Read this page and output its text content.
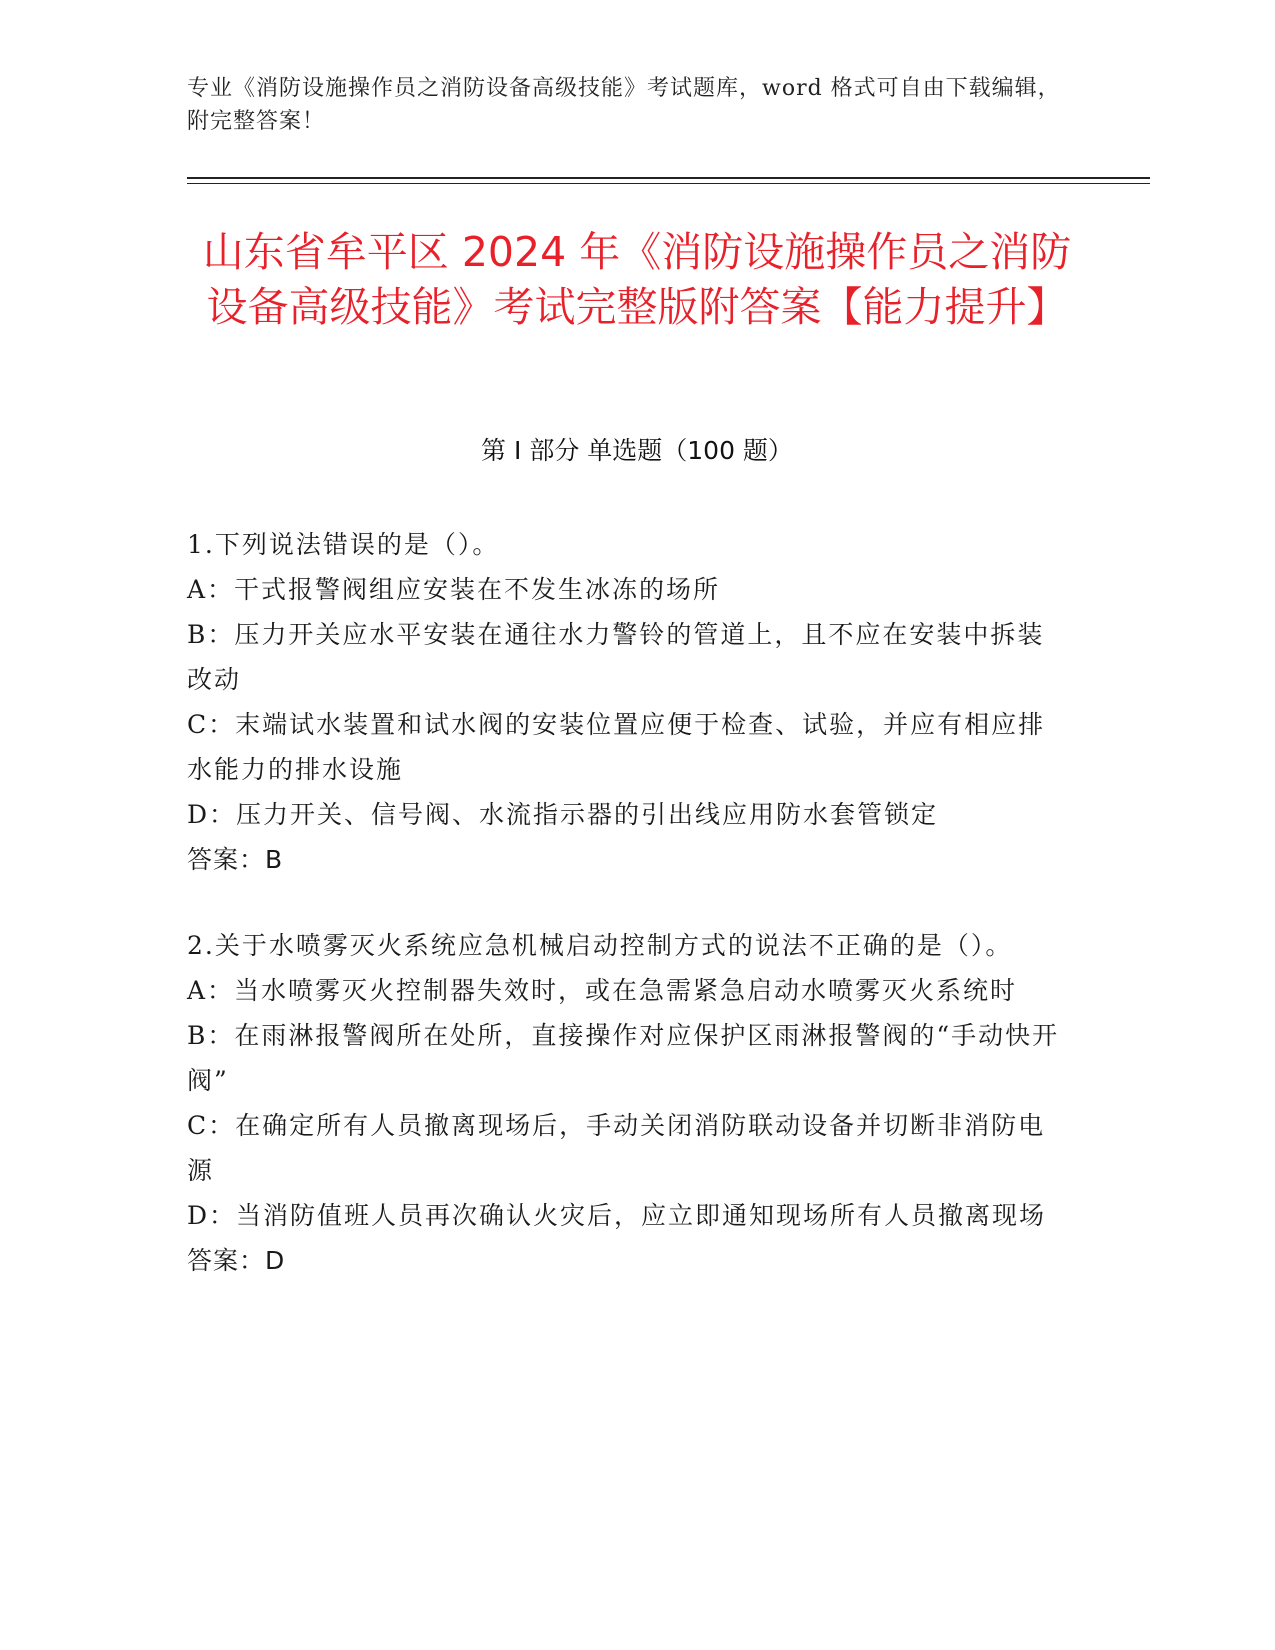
专业《消防设施操作员之消防设备高级技能》考试题库，word 格式可自由下载编辑，附完整答案！
山东省牟平区 2024 年《消防设施操作员之消防设备高级技能》考试完整版附答案【能力提升】
第 I 部分 单选题（100 题）
1.下列说法错误的是（）。
A：干式报警阀组应安装在不发生冰冻的场所
B：压力开关应水平安装在通往水力警铃的管道上，且不应在安装中拆装改动
C：末端试水装置和试水阀的安装位置应便于检查、试验，并应有相应排水能力的排水设施
D：压力开关、信号阀、水流指示器的引出线应用防水套管锁定
答案：B
2.关于水喷雾灭火系统应急机械启动控制方式的说法不正确的是（）。
A：当水喷雾灭火控制器失效时，或在急需紧急启动水喷雾灭火系统时
B：在雨淋报警阀所在处所，直接操作对应保护区雨淋报警阀的“手动快开阀”
C：在确定所有人员撤离现场后，手动关闭消防联动设备并切断非消防电源
D：当消防值班人员再次确认火灾后，应立即通知现场所有人员撤离现场
答案：D
